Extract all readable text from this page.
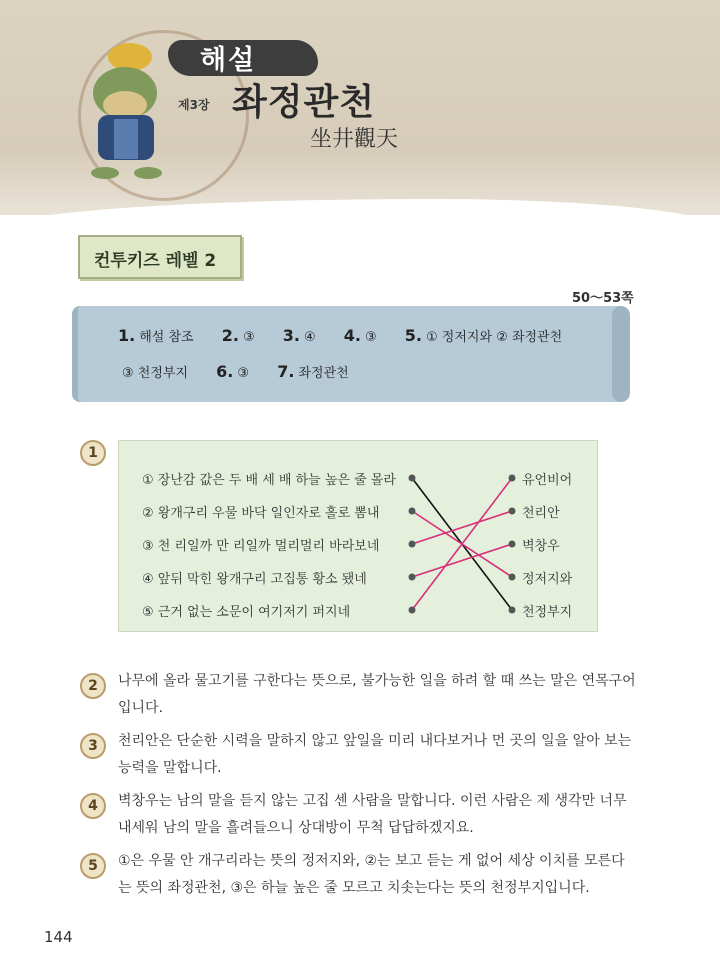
해설
제3장 좌정관천
坐井觀天
컨투키즈 레벨 2
50～53쪽
1. 해설 참조 2. ③ 3. ④ 4. ③ 5. ① 정저지와 ② 좌정관천
③ 천정부지 6. ③ 7. 좌정관천
1
① 장난감 값은 두 배 세 배 하늘 높은 줄 몰라
② 왕개구리 우물 바닥 일인자로 홀로 뽐내
③ 천 리일까 만 리일까 멀리멀리 바라보네
④ 앞뒤 막힌 왕개구리 고집통 황소 됐네
⑤ 근거 없는 소문이 여기저기 퍼지네
유언비어
천리안
벽창우
정저지와
천정부지
2	나무에 올라 물고기를 구한다는 뜻으로, 불가능한 일을 하려 할 때 쓰는 말은 연목구어입니다.
3	천리안은 단순한 시력을 말하지 않고 앞일을 미리 내다보거나 먼 곳의 일을 알아 보는 능력을 말합니다.
4	벽창우는 남의 말을 듣지 않는 고집 센 사람을 말합니다. 이런 사람은 제 생각만 너무 내세워 남의 말을 흘려들으니 상대방이 무척 답답하겠지요.
5	①은 우물 안 개구리라는 뜻의 정저지와, ②는 보고 듣는 게 없어 세상 이치를 모른다는 뜻의 좌정관천, ③은 하늘 높은 줄 모르고 치솟는다는 뜻의 천정부지입니다.
144
